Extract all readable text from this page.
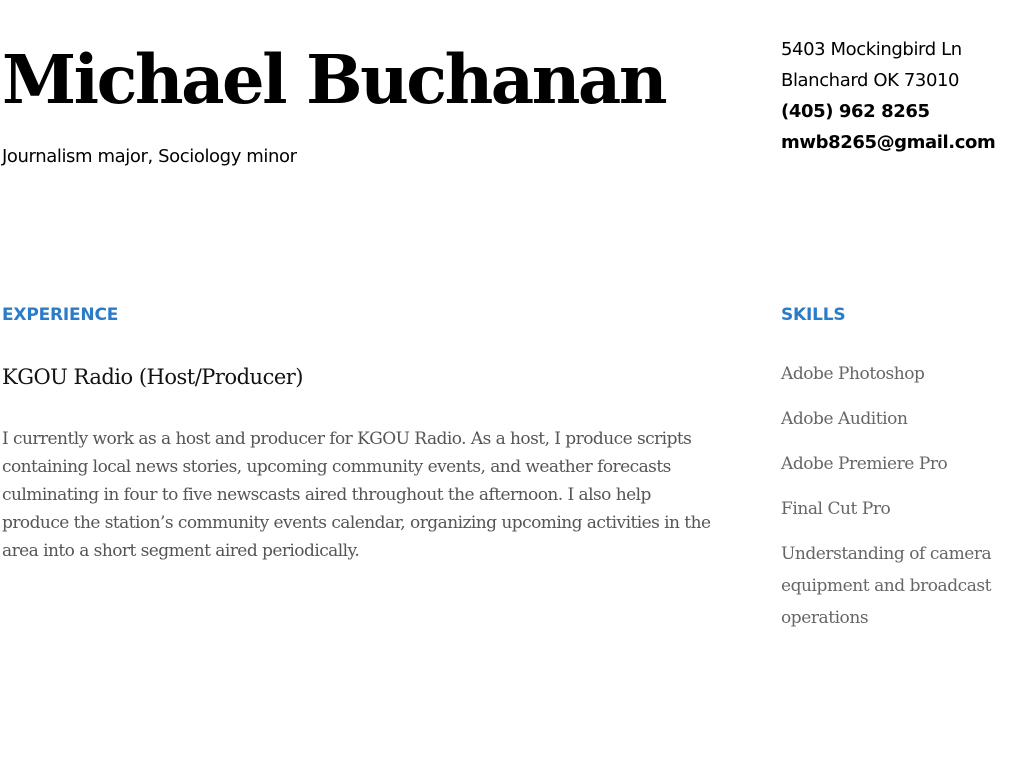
Michael Buchanan
Journalism major, Sociology minor
5403 Mockingbird Ln
Blanchard OK 73010
(405) 962 8265
mwb8265@gmail.com
EXPERIENCE
KGOU Radio (Host/Producer)

I currently work as a host and producer for KGOU Radio. As a host, I produce scripts containing local news stories, upcoming community events, and weather forecasts culminating in four to five newscasts aired throughout the afternoon. I also help produce the station’s community events calendar, organizing upcoming activities in the area into a short segment aired periodically.

SKILLS
Adobe Photoshop
Adobe Audition
Adobe Premiere Pro
Final Cut Pro
Understanding of camera equipment and broadcast operations
